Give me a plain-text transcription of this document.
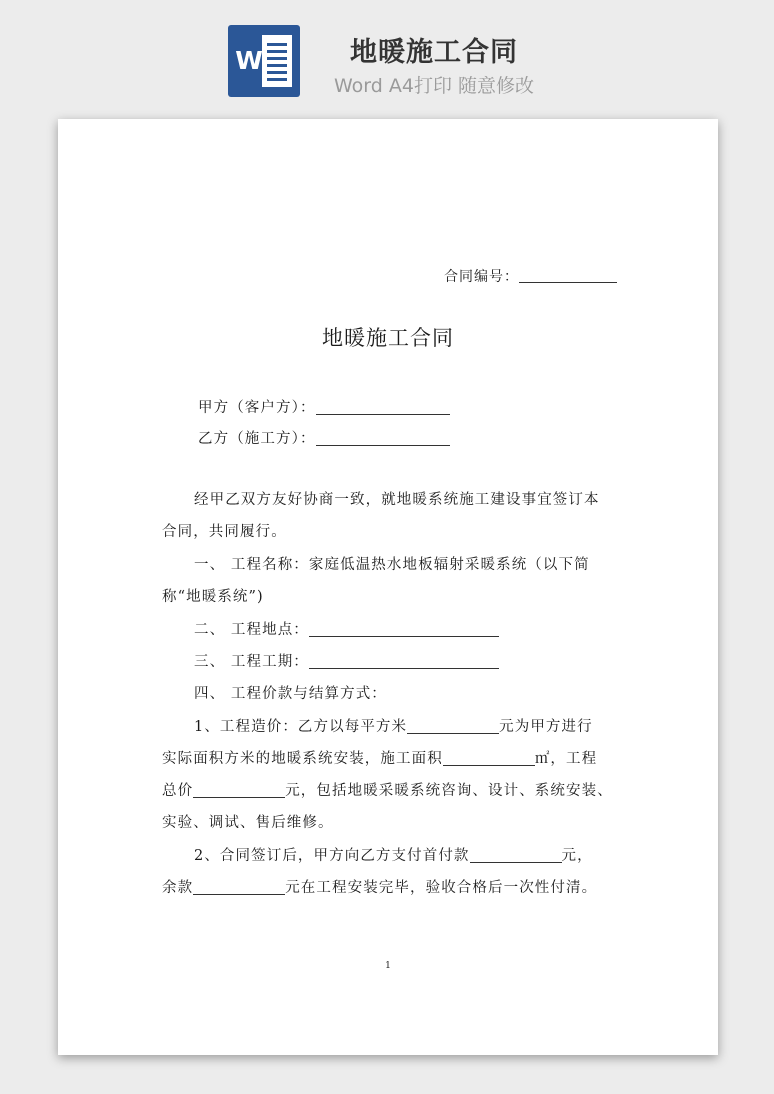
W	地暖施工合同
Word A4打印 随意修改
合同编号：
地暖施工合同
甲方（客户方）：
乙方（施工方）：
经甲乙双方友好协商一致，就地暖系统施工建设事宜签订本
合同，共同履行。
一、 工程名称：家庭低温热水地板辐射采暖系统（以下简
称“地暖系统”)
二、 工程地点：
三、 工程工期：
四、 工程价款与结算方式：
1、工程造价：乙方以每平方米	元为甲方进行
实际面积方米的地暖系统安装，施工面积	㎡，工程
总价	元，包括地暖采暖系统咨询、设计、系统安装、
实验、调试、售后维修。
2、合同签订后，甲方向乙方支付首付款	元，
余款	元在工程安装完毕，验收合格后一次性付清。
1
